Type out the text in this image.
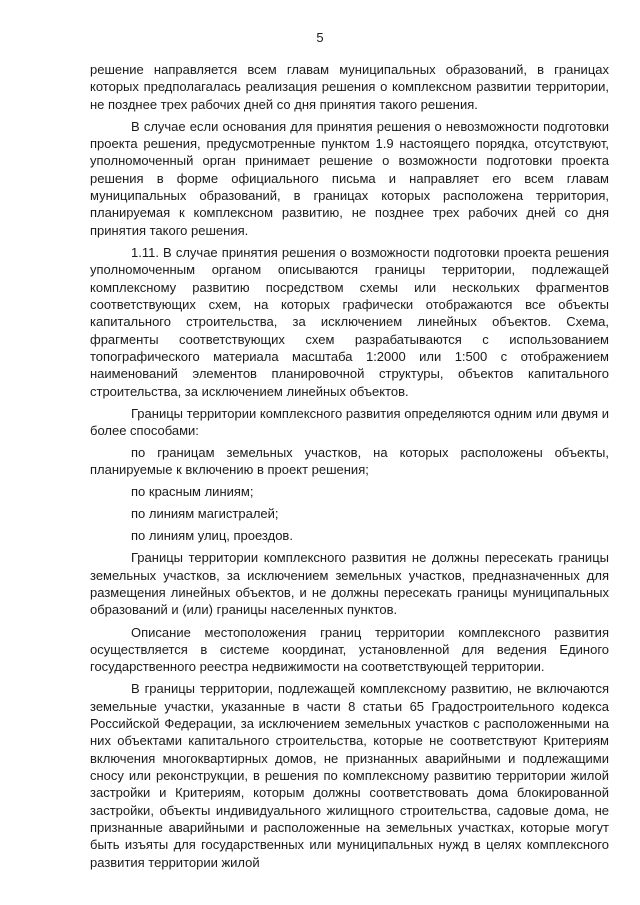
5

решение направляется всем главам муниципальных образований, в границах которых предполагалась реализация решения о комплексном развитии территории, не позднее трех рабочих дней со дня принятия такого решения.

В случае если основания для принятия решения о невозможности подготовки проекта решения, предусмотренные пунктом 1.9 настоящего порядка, отсутствуют, уполномоченный орган принимает решение о возможности подготовки проекта решения в форме официального письма и направляет его всем главам муниципальных образований, в границах которых расположена территория, планируемая к комплексном развитию, не позднее трех рабочих дней со дня принятия такого решения.

1.11. В случае принятия решения о возможности подготовки проекта решения уполномоченным органом описываются границы территории, подлежащей комплексному развитию посредством схемы или нескольких фрагментов соответствующих схем, на которых графически отображаются все объекты капитального строительства, за исключением линейных объектов. Схема, фрагменты соответствующих схем разрабатываются с использованием топографического материала масштаба 1:2000 или 1:500 с отображением наименований элементов планировочной структуры, объектов капитального строительства, за исключением линейных объектов.

Границы территории комплексного развития определяются одним или двумя и более способами:

по границам земельных участков, на которых расположены объекты, планируемые к включению в проект решения;

по красным линиям;

по линиям магистралей;

по линиям улиц, проездов.

Границы территории комплексного развития не должны пересекать границы земельных участков, за исключением земельных участков, предназначенных для размещения линейных объектов, и не должны пересекать границы муниципальных образований и (или) границы населенных пунктов.

Описание местоположения границ территории комплексного развития осуществляется в системе координат, установленной для ведения Единого государственного реестра недвижимости на соответствующей территории.

В границы территории, подлежащей комплексному развитию, не включаются земельные участки, указанные в части 8 статьи 65 Градостроительного кодекса Российской Федерации, за исключением земельных участков с расположенными на них объектами капитального строительства, которые не соответствуют Критериям включения многоквартирных домов, не признанных аварийными и подлежащими сносу или реконструкции, в решения по комплексному развитию территории жилой застройки и Критериям, которым должны соответствовать дома блокированной застройки, объекты индивидуального жилищного строительства, садовые дома, не признанные аварийными и расположенные на земельных участках, которые могут быть изъяты для государственных или муниципальных нужд в целях комплексного развития территории жилой
